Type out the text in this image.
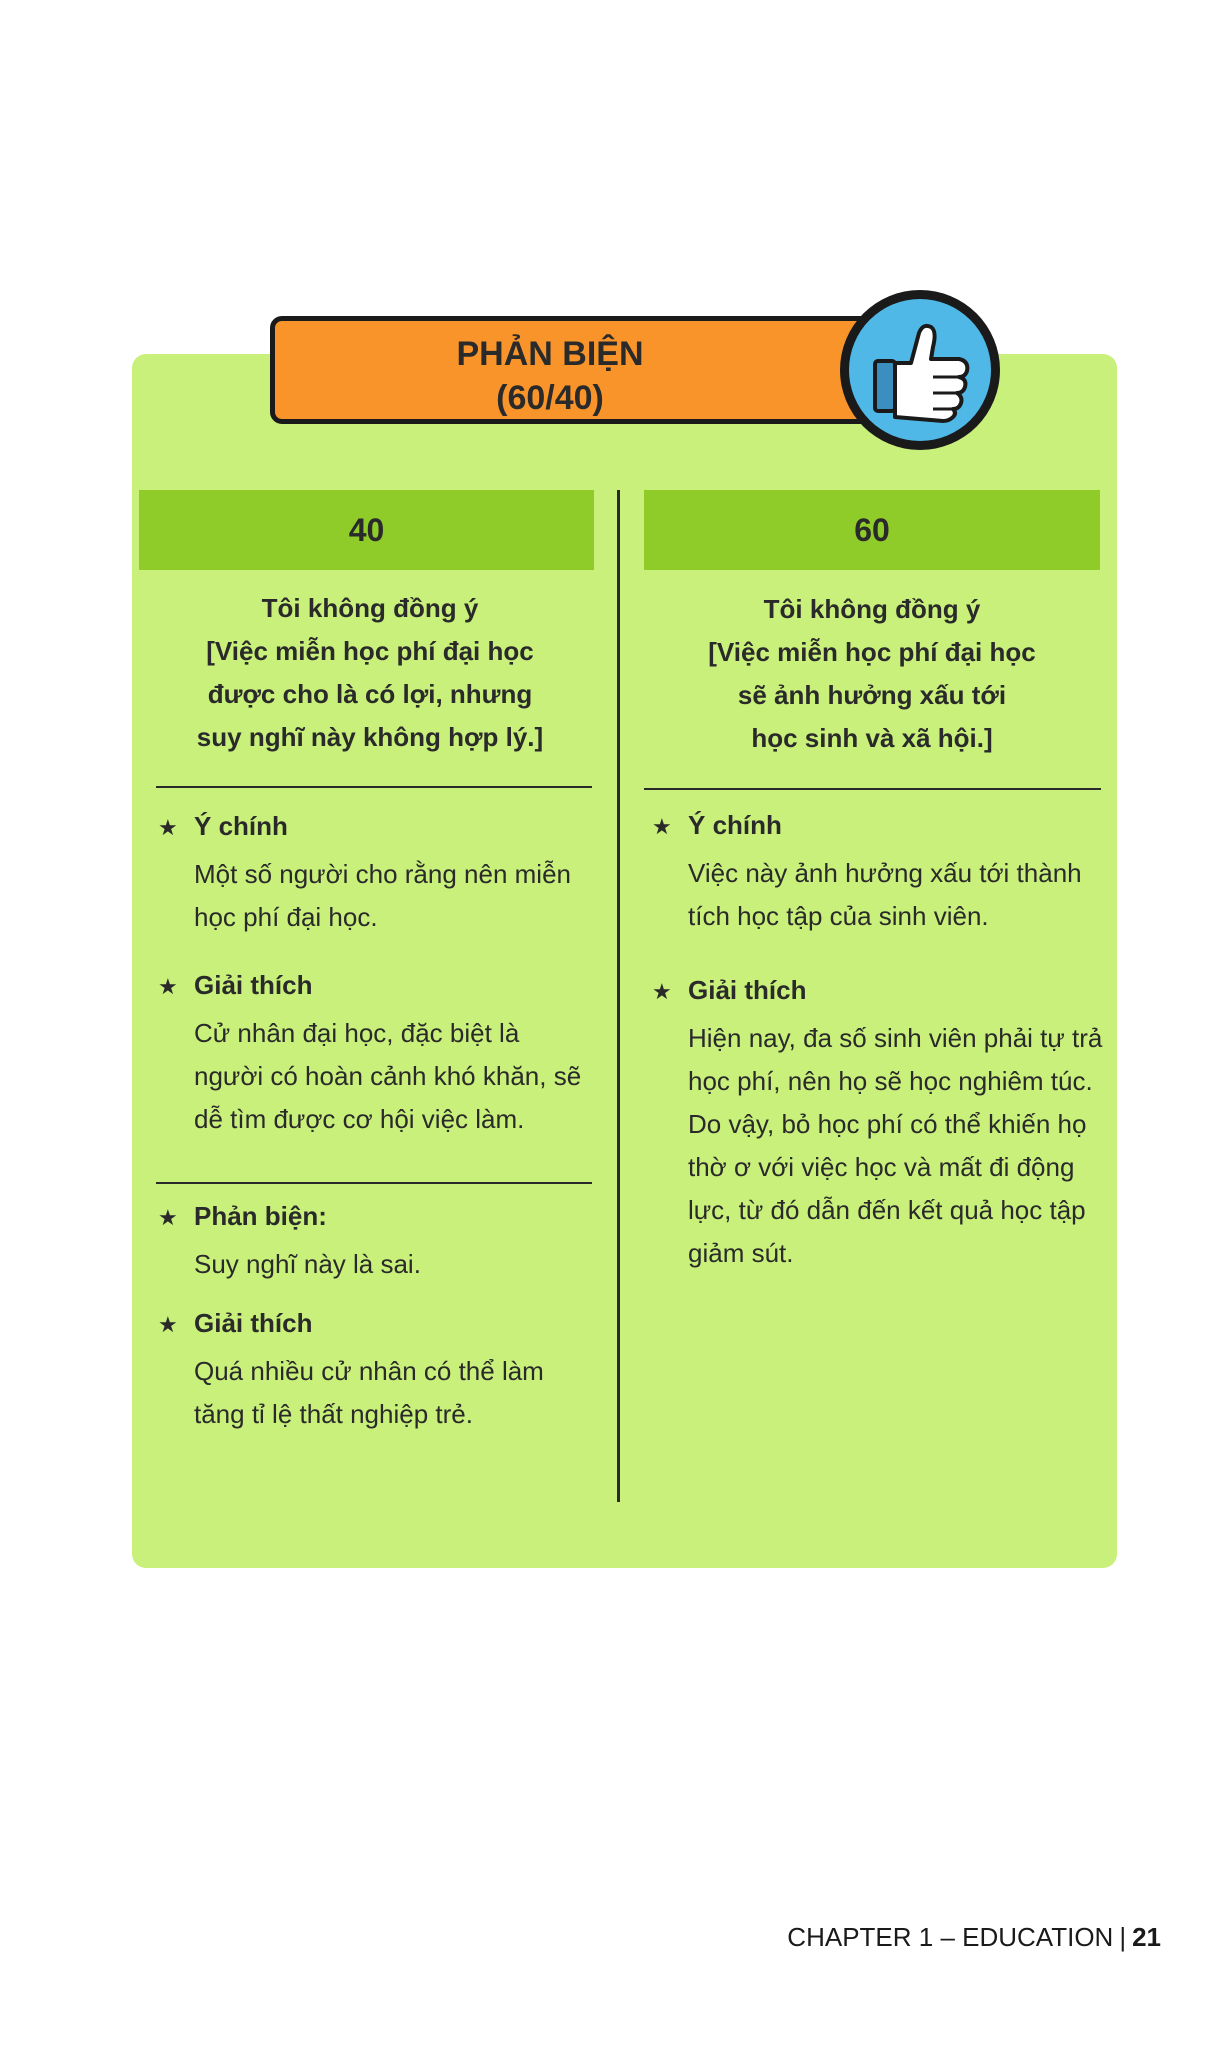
PHẢN BIỆN
(60/40)
40	60
Tôi không đồng ý
[Việc miễn học phí đại học
được cho là có lợi, nhưng
suy nghĩ này không hợp lý.]
Tôi không đồng ý
[Việc miễn học phí đại học
sẽ ảnh hưởng xấu tới
học sinh và xã hội.]
★ Ý chính
Một số người cho rằng nên miễn
học phí đại học.
★ Giải thích
Cử nhân đại học, đặc biệt là
người có hoàn cảnh khó khăn, sẽ
dễ tìm được cơ hội việc làm.
★ Phản biện:
Suy nghĩ này là sai.
★ Giải thích
Quá nhiều cử nhân có thể làm
tăng tỉ lệ thất nghiệp trẻ.
★ Ý chính
Việc này ảnh hưởng xấu tới thành
tích học tập của sinh viên.
★ Giải thích
Hiện nay, đa số sinh viên phải tự trả
học phí, nên họ sẽ học nghiêm túc.
Do vậy, bỏ học phí có thể khiến họ
thờ ơ với việc học và mất đi động
lực, từ đó dẫn đến kết quả học tập
giảm sút.
CHAPTER 1 – EDUCATION | 21
